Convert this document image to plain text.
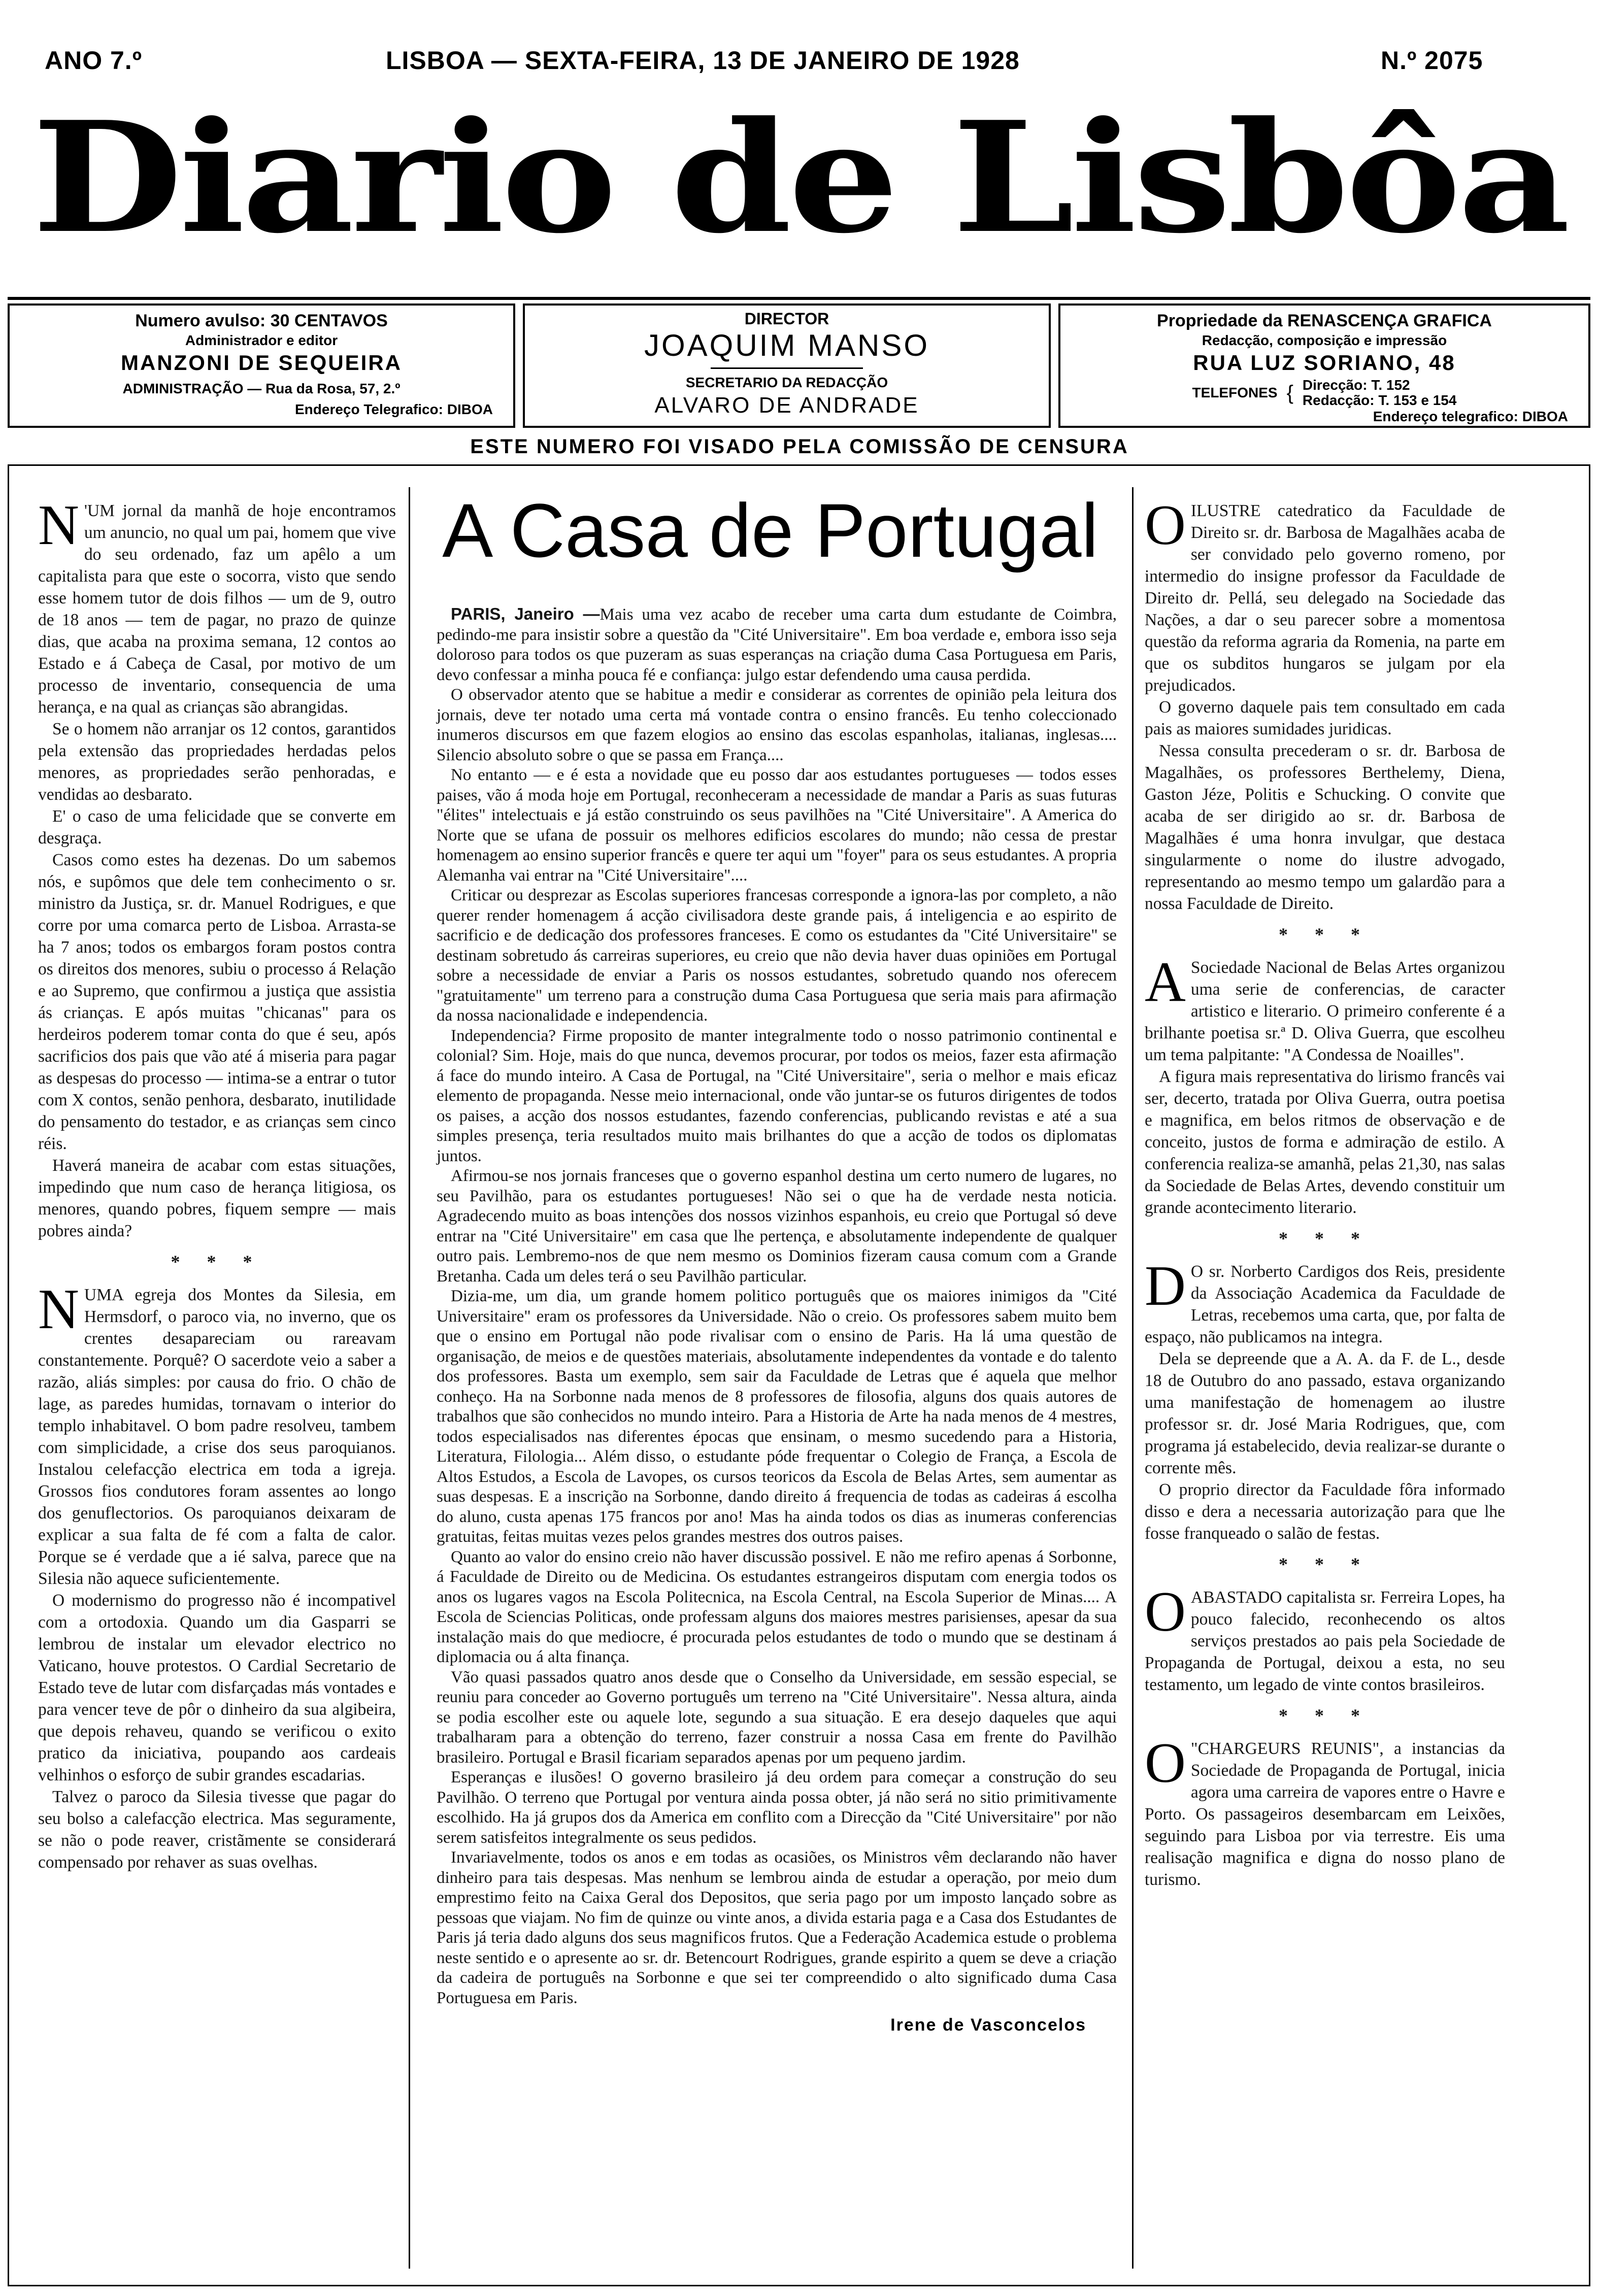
ANO 7.º	LISBOA — SEXTA-FEIRA, 13 DE JANEIRO DE 1928	N.º 2075
Diario de Lisbôa
Numero avulso: 30 CENTAVOS
Administrador e editor
MANZONI DE SEQUEIRA
ADMINISTRAÇÃO — Rua da Rosa, 57, 2.º
Endereço Telegrafico: DIBOA
DIRECTOR
JOAQUIM MANSO
SECRETARIO DA REDACÇÃO
ALVARO DE ANDRADE
Propriedade da RENASCENÇA GRAFICA
Redacção, composição e impressão
RUA LUZ SORIANO, 48
TELEFONES { Direcção: T. 152
Redacção: T. 153 e 154
Endereço telegrafico: DIBOA
ESTE NUMERO FOI VISADO PELA COMISSÃO DE CENSURA

N 'UM jornal da manhã de hoje encontramos um anuncio, no qual um pai, homem que vive do seu ordenado, faz um apêlo a um capitalista para que este o socorra, visto que sendo esse homem tutor de dois filhos — um de 9, outro de 18 anos — tem de pagar, no prazo de quinze dias, que acaba na proxima semana, 12 contos ao Estado e á Cabeça de Casal, por motivo de um processo de inventario, consequencia de uma herança, e na qual as crianças são abrangidas.

Se o homem não arranjar os 12 contos, garantidos pela extensão das propriedades herdadas pelos menores, as propriedades serão penhoradas, e vendidas ao desbarato.

E' o caso de uma felicidade que se converte em desgraça.

Casos como estes ha dezenas. Do um sabemos nós, e supômos que dele tem conhecimento o sr. ministro da Justiça, sr. dr. Manuel Rodrigues, e que corre por uma comarca perto de Lisboa. Arrasta-se ha 7 anos; todos os embargos foram postos contra os direitos dos menores, subiu o processo á Relação e ao Supremo, que confirmou a justiça que assistia ás crianças. E após muitas "chicanas" para os herdeiros poderem tomar conta do que é seu, após sacrificios dos pais que vão até á miseria para pagar as despesas do processo — intima-se a entrar o tutor com X contos, senão penhora, desbarato, inutilidade do pensamento do testador, e as crianças sem cinco réis.

Haverá maneira de acabar com estas situações, impedindo que num caso de herança litigiosa, os menores, quando pobres, fiquem sempre — mais pobres ainda?

* * *

NUMA egreja dos Montes da Silesia, em Hermsdorf, o paroco via, no inverno, que os crentes desapareciam ou rareavam constantemente. Porquê? O sacerdote veio a saber a razão, aliás simples: por causa do frio. O chão de lage, as paredes humidas, tornavam o interior do templo inhabitavel. O bom padre resolveu, tambem com simplicidade, a crise dos seus paroquianos. Instalou celefacção electrica em toda a igreja. Grossos fios condutores foram assentes ao longo dos genuflectorios. Os paroquianos deixaram de explicar a sua falta de fé com a falta de calor. Porque se é verdade que a ié salva, parece que na Silesia não aquece suficientemente.

O modernismo do progresso não é incompativel com a ortodoxia. Quando um dia Gasparri se lembrou de instalar um elevador electrico no Vaticano, houve protestos. O Cardial Secretario de Estado teve de lutar com disfarçadas más vontades e para vencer teve de pôr o dinheiro da sua algibeira, que depois rehaveu, quando se verificou o exito pratico da iniciativa, poupando aos cardeais velhinhos o esforço de subir grandes escadarias.

Talvez o paroco da Silesia tivesse que pagar do seu bolso a calefacção electrica. Mas seguramente, se não o pode reaver, cristãmente se considerará compensado por rehaver as suas ovelhas.

A Casa de Portugal

PARIS, Janeiro —Mais uma vez acabo de receber uma carta dum estudante de Coimbra, pedindo-me para insistir sobre a questão da "Cité Universitaire". Em boa verdade e, embora isso seja doloroso para todos os que puzeram as suas esperanças na criação duma Casa Portuguesa em Paris, devo confessar a minha pouca fé e confiança: julgo estar defendendo uma causa perdida.

O observador atento que se habitue a medir e considerar as correntes de opinião pela leitura dos jornais, deve ter notado uma certa má vontade contra o ensino francês. Eu tenho coleccionado inumeros discursos em que fazem elogios ao ensino das escolas espanholas, italianas, inglesas.... Silencio absoluto sobre o que se passa em França....

No entanto — e é esta a novidade que eu posso dar aos estudantes portugueses — todos esses paises, vão á moda hoje em Portugal, reconheceram a necessidade de mandar a Paris as suas futuras "élites" intelectuais e já estão construindo os seus pavilhões na "Cité Universitaire". A America do Norte que se ufana de possuir os melhores edificios escolares do mundo; não cessa de prestar homenagem ao ensino superior francês e quere ter aqui um "foyer" para os seus estudantes. A propria Alemanha vai entrar na "Cité Universitaire"....

Criticar ou desprezar as Escolas superiores francesas corresponde a ignora-las por completo, a não querer render homenagem á acção civilisadora deste grande pais, á inteligencia e ao espirito de sacrificio e de dedicação dos professores franceses. E como os estudantes da "Cité Universitaire" se destinam sobretudo ás carreiras superiores, eu creio que não devia haver duas opiniões em Portugal sobre a necessidade de enviar a Paris os nossos estudantes, sobretudo quando nos oferecem "gratuitamente" um terreno para a construção duma Casa Portuguesa que seria mais para afirmação da nossa nacionalidade e independencia.

Independencia? Firme proposito de manter integralmente todo o nosso patrimonio continental e colonial? Sim. Hoje, mais do que nunca, devemos procurar, por todos os meios, fazer esta afirmação á face do mundo inteiro. A Casa de Portugal, na "Cité Universitaire", seria o melhor e mais eficaz elemento de propaganda. Nesse meio internacional, onde vão juntar-se os futuros dirigentes de todos os paises, a acção dos nossos estudantes, fazendo conferencias, publicando revistas e até a sua simples presença, teria resultados muito mais brilhantes do que a acção de todos os diplomatas juntos.

Afirmou-se nos jornais franceses que o governo espanhol destina um certo numero de lugares, no seu Pavilhão, para os estudantes portugueses! Não sei o que ha de verdade nesta noticia. Agradecendo muito as boas intenções dos nossos vizinhos espanhois, eu creio que Portugal só deve entrar na "Cité Universitaire" em casa que lhe pertença, e absolutamente independente de qualquer outro pais. Lembremo-nos de que nem mesmo os Dominios fizeram causa comum com a Grande Bretanha. Cada um deles terá o seu Pavilhão particular.

Dizia-me, um dia, um grande homem politico português que os maiores inimigos da "Cité Universitaire" eram os professores da Universidade. Não o creio. Os professores sabem muito bem que o ensino em Portugal não pode rivalisar com o ensino de Paris. Ha lá uma questão de organisação, de meios e de questões materiais, absolutamente independentes da vontade e do talento dos professores. Basta um exemplo, sem sair da Faculdade de Letras que é aquela que melhor conheço. Ha na Sorbonne nada menos de 8 professores de filosofia, alguns dos quais autores de trabalhos que são conhecidos no mundo inteiro. Para a Historia de Arte ha nada menos de 4 mestres, todos especialisados nas diferentes épocas que ensinam, o mesmo sucedendo para a Historia, Literatura, Filologia... Além disso, o estudante póde frequentar o Colegio de França, a Escola de Altos Estudos, a Escola de Lavopes, os cursos teoricos da Escola de Belas Artes, sem aumentar as suas despesas. E a inscrição na Sorbonne, dando direito á frequencia de todas as cadeiras á escolha do aluno, custa apenas 175 francos por ano! Mas ha ainda todos os dias as inumeras conferencias gratuitas, feitas muitas vezes pelos grandes mestres dos outros paises.

Quanto ao valor do ensino creio não haver discussão possivel. E não me refiro apenas á Sorbonne, á Faculdade de Direito ou de Medicina. Os estudantes estrangeiros disputam com energia todos os anos os lugares vagos na Escola Politecnica, na Escola Central, na Escola Superior de Minas.... A Escola de Sciencias Politicas, onde professam alguns dos maiores mestres parisienses, apesar da sua instalação mais do que mediocre, é procurada pelos estudantes de todo o mundo que se destinam á diplomacia ou á alta finança.

Vão quasi passados quatro anos desde que o Conselho da Universidade, em sessão especial, se reuniu para conceder ao Governo português um terreno na "Cité Universitaire". Nessa altura, ainda se podia escolher este ou aquele lote, segundo a sua situação. E era desejo daqueles que aqui trabalharam para a obtenção do terreno, fazer construir a nossa Casa em frente do Pavilhão brasileiro. Portugal e Brasil ficariam separados apenas por um pequeno jardim.

Esperanças e ilusões! O governo brasileiro já deu ordem para começar a construção do seu Pavilhão. O terreno que Portugal por ventura ainda possa obter, já não será no sitio primitivamente escolhido. Ha já grupos dos da America em conflito com a Direcção da "Cité Universitaire" por não serem satisfeitos integralmente os seus pedidos.

Invariavelmente, todos os anos e em todas as ocasiões, os Ministros vêm declarando não haver dinheiro para tais despesas. Mas nenhum se lembrou ainda de estudar a operação, por meio dum emprestimo feito na Caixa Geral dos Depositos, que seria pago por um imposto lançado sobre as pessoas que viajam. No fim de quinze ou vinte anos, a divida estaria paga e a Casa dos Estudantes de Paris já teria dado alguns dos seus magnificos frutos. Que a Federação Academica estude o problema neste sentido e o apresente ao sr. dr. Betencourt Rodrigues, grande espirito a quem se deve a criação da cadeira de português na Sorbonne e que sei ter compreendido o alto significado duma Casa Portuguesa em Paris.

Irene de Vasconcelos

OILUSTRE catedratico da Faculdade de Direito sr. dr. Barbosa de Magalhães acaba de ser convidado pelo governo romeno, por intermedio do insigne professor da Faculdade de Direito dr. Pellá, seu delegado na Sociedade das Nações, a dar o seu parecer sobre a momentosa questão da reforma agraria da Romenia, na parte em que os subditos hungaros se julgam por ela prejudicados.

O governo daquele pais tem consultado em cada pais as maiores sumidades juridicas.

Nessa consulta precederam o sr. dr. Barbosa de Magalhães, os professores Berthelemy, Diena, Gaston Jéze, Politis e Schucking. O convite que acaba de ser dirigido ao sr. dr. Barbosa de Magalhães é uma honra invulgar, que destaca singularmente o nome do ilustre advogado, representando ao mesmo tempo um galardão para a nossa Faculdade de Direito.

* * *

A Sociedade Nacional de Belas Artes organizou uma serie de conferencias, de caracter artistico e literario. O primeiro conferente é a brilhante poetisa sr.ª D. Oliva Guerra, que escolheu um tema palpitante: "A Condessa de Noailles".

A figura mais representativa do lirismo francês vai ser, decerto, tratada por Oliva Guerra, outra poetisa e magnifica, em belos ritmos de observação e de conceito, justos de forma e admiração de estilo. A conferencia realiza-se amanhã, pelas 21,30, nas salas da Sociedade de Belas Artes, devendo constituir um grande acontecimento literario.

* * *

D O sr. Norberto Cardigos dos Reis, presidente da Associação Academica da Faculdade de Letras, recebemos uma carta, que, por falta de espaço, não publicamos na integra.

Dela se depreende que a A. A. da F. de L., desde 18 de Outubro do ano passado, estava organizando uma manifestação de homenagem ao ilustre professor sr. dr. José Maria Rodrigues, que, com programa já estabelecido, devia realizar-se durante o corrente mês.

O proprio director da Faculdade fôra informado disso e dera a necessaria autorização para que lhe fosse franqueado o salão de festas.

* * *

OABASTADO capitalista sr. Ferreira Lopes, ha pouco falecido, reconhecendo os altos serviços prestados ao pais pela Sociedade de Propaganda de Portugal, deixou a esta, no seu testamento, um legado de vinte contos brasileiros.

* * *

O "CHARGEURS REUNIS", a instancias da Sociedade de Propaganda de Portugal, inicia agora uma carreira de vapores entre o Havre e Porto. Os passageiros desembarcam em Leixões, seguindo para Lisboa por via terrestre. Eis uma realisação magnifica e digna do nosso plano de turismo.
